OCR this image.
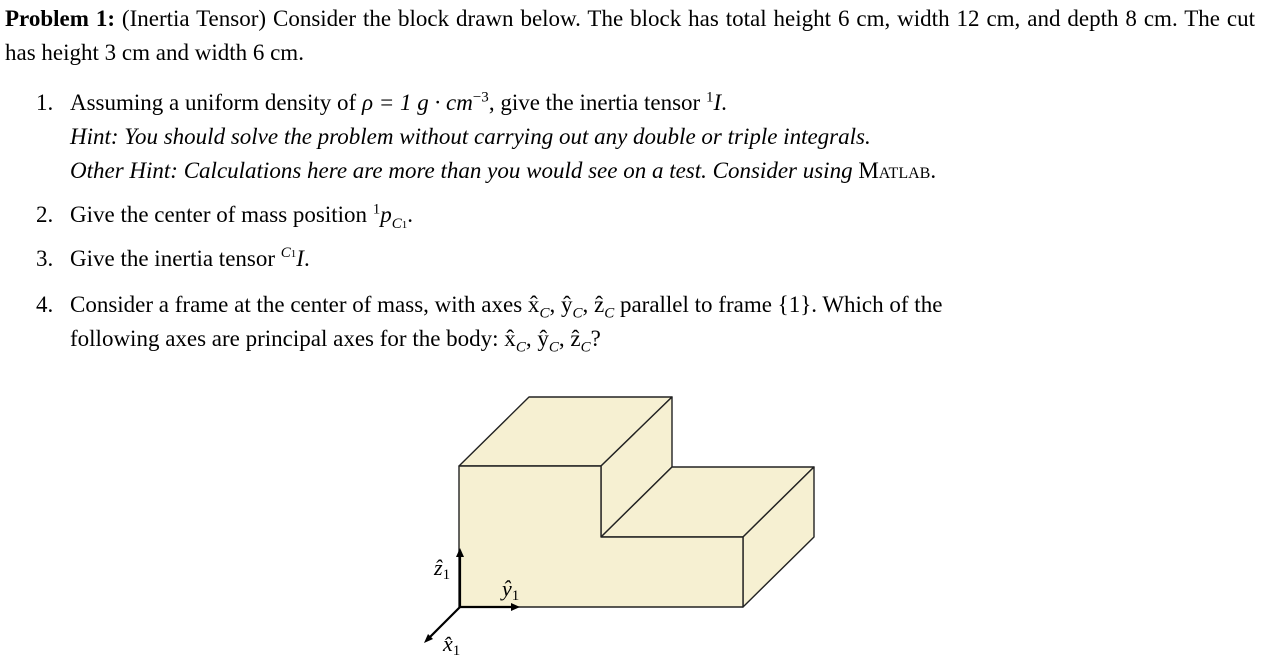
Problem 1: (Inertia Tensor) Consider the block drawn below. The block has total height 6 cm, width 12 cm, and depth 8 cm. The cut has height 3 cm and width 6 cm.
1. Assuming a uniform density of ρ = 1 $g \cdot cm^{-3}$, give the inertia tensor $^1$I.
Hint: You should solve the problem without carrying out any double or triple integrals.
Other Hint: Calculations here are more than you would see on a test. Consider using Matlab.
2. Give the center of mass position $^1p_{C1}$.
3. Give the inertia tensor $^{C1}$I.
4. Consider a frame at the center of mass, with axes $x̂_C$, $ŷ_C$, ẑ$_C$ parallel to frame {1}. Which of the
following axes are principal axes for the body: $x̂_C$, $ŷ_C$, ẑ$_C$?
ẑ1
ŷ1
x̂1
